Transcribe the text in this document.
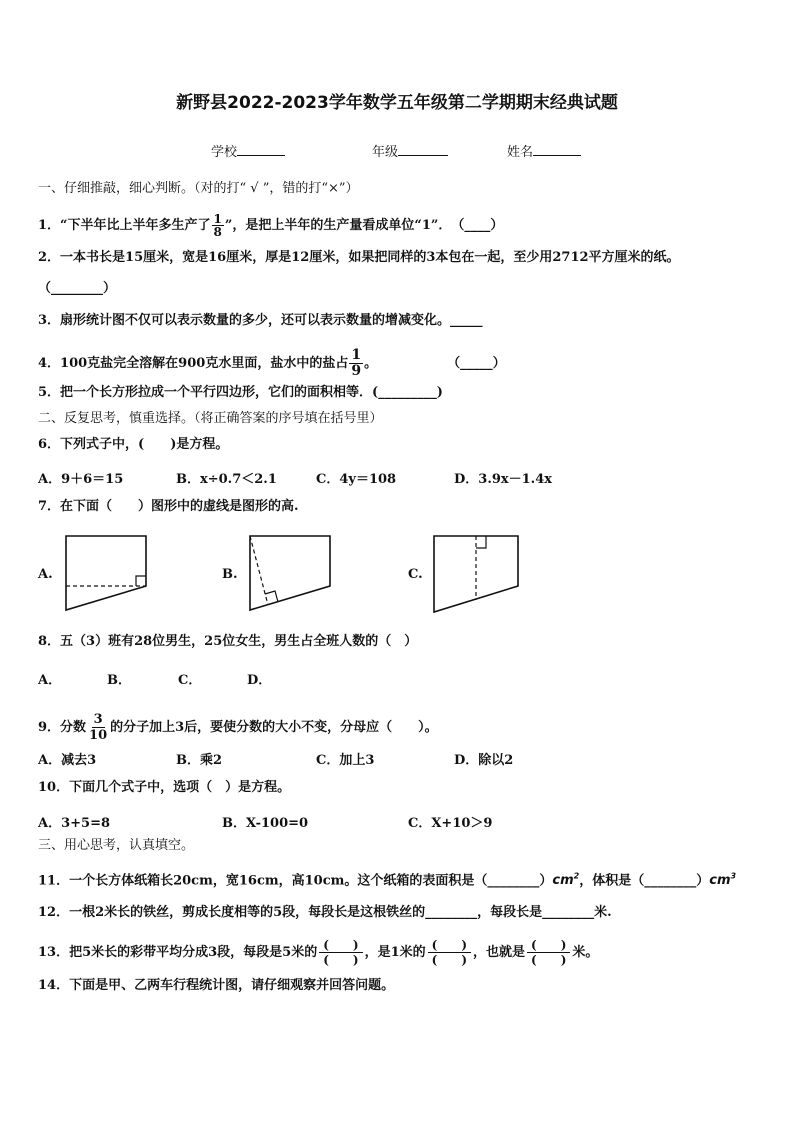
新野县2022-2023学年数学五年级第二学期期末经典试题
学校	年级	姓名
一、仔细推敲，细心判断。（对的打“ √ ”，错的打“×”）
1．“下半年比上半年多生产了 $\frac{1}{8}$ ”，是把上半年的生产量看成单位“1”．　（____）
2．一本书长是15厘米，宽是16厘米，厚是12厘米，如果把同样的3本包在一起，至少用2712平方厘米的纸。
（________）
3．扇形统计图不仅可以表示数量的多少，还可以表示数量的增减变化。_____
4．100克盐完全溶解在900克水里面，盐水中的盐占 $\frac{1}{9}$ 。	（_____）
5．把一个长方形拉成一个平行四边形，它们的面积相等．(_________)
二、反复思考，慎重选择。（将正确答案的序号填在括号里）
6．下列式子中，(　　)是方程。
A．9＋6＝15	B．x÷0.7＜2.1	C．4y＝108	D．3.9x－1.4x
7．在下面（　　）图形中的虚线是图形的高.
A.	B.	C.
8．五（3）班有28位男生，25位女生，男生占全班人数的（　）
A．	B．	C．	D．
9．分数 $\frac{3}{10}$ 的分子加上3后，要使分数的大小不变，分母应（　　）。
A．减去3	B．乘2	C．加上3	D．除以2
10．下面几个式子中，选项（　）是方程。
A．3+5=8	B．X-100=0	C．X+10＞9
三、用心思考，认真填空。
11．一个长方体纸箱长20cm，宽16cm，高10cm。这个纸箱的表面积是$(\_\_\_\_\_\_\_\_)cm^2$，体积是$(\_\_\_\_\_\_\_\_)cm^3$
12．一根2米长的铁丝，剪成长度相等的5段，每段长是这根铁丝的________，每段长是________米.
13．把5米长的彩带平均分成3段，每段是5米的 $\frac{( )}{( )}$ ，是1米的 $\frac{( )}{( )}$ ，也就是 $\frac{( )}{( )}$ 米。
14．下面是甲、乙两车行程统计图，请仔细观察并回答问题。
